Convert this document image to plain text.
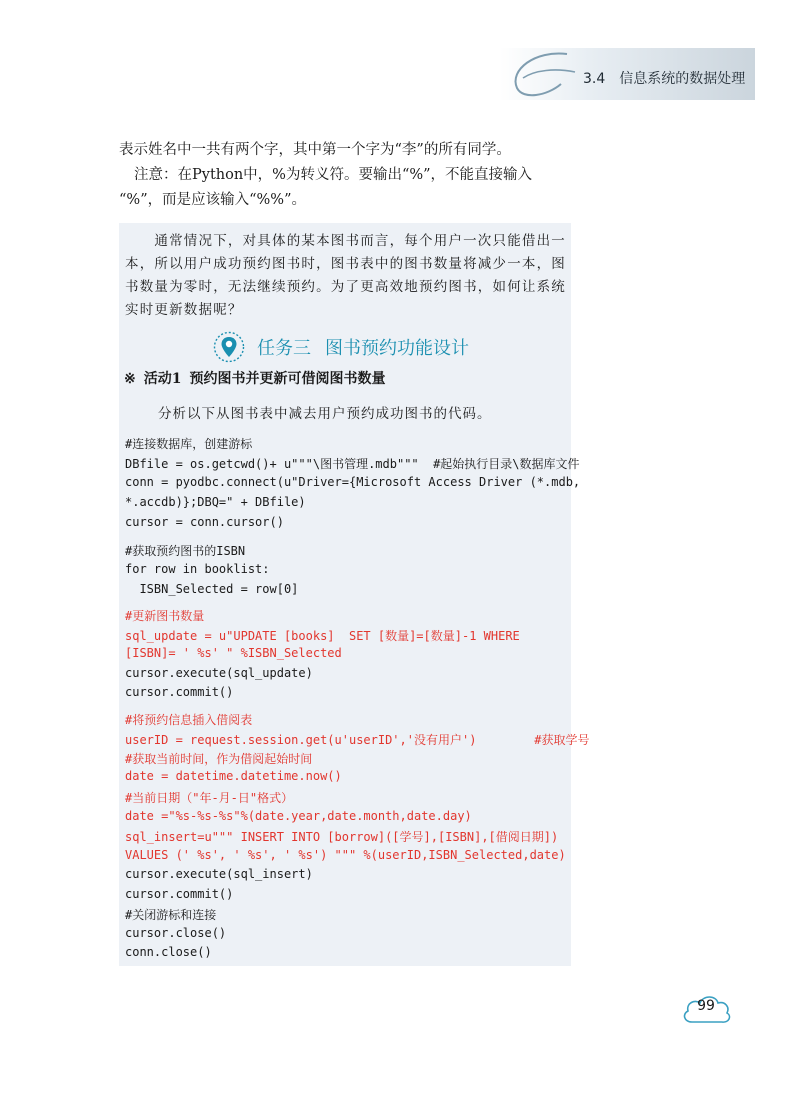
3.4　信息系统的数据处理
表示姓名中一共有两个字，其中第一个字为“李”的所有同学。
注意：在Python中，%为转义符。要输出“%”，不能直接输入
“%”，而是应该输入“%%”。
　　通常情况下，对具体的某本图书而言，每个用户一次只能借出一
本，所以用户成功预约图书时，图书表中的图书数量将减少一本，图
书数量为零时，无法继续预约。为了更高效地预约图书，如何让系统
实时更新数据呢？
任务三 图书预约功能设计
※ 活动1 预约图书并更新可借阅图书数量
分析以下从图书表中减去用户预约成功图书的代码。
#连接数据库，创建游标
DBfile = os.getcwd()+ u"""\图书管理.mdb"""  #起始执行目录\数据库文件
conn = pyodbc.connect(u"Driver={Microsoft Access Driver (*.mdb,
*.accdb)};DBQ=" + DBfile)
cursor = conn.cursor()
#获取预约图书的ISBN
for row in booklist:
ISBN_Selected = row[0]
#更新图书数量
sql_update = u"UPDATE [books]  SET [数量]=[数量]-1 WHERE
[ISBN]= ' %s' " %ISBN_Selected
cursor.execute(sql_update)
cursor.commit()
#将预约信息插入借阅表
userID = request.session.get(u'userID','没有用户')        #获取学号
#获取当前时间，作为借阅起始时间
date = datetime.datetime.now()
#当前日期（"年-月-日"格式）
date ="%s-%s-%s"%(date.year,date.month,date.day)
sql_insert=u""" INSERT INTO [borrow]([学号],[ISBN],[借阅日期])
VALUES (' %s', ' %s', ' %s') """ %(userID,ISBN_Selected,date)
cursor.execute(sql_insert)
cursor.commit()
#关闭游标和连接
cursor.close()
conn.close()
99
